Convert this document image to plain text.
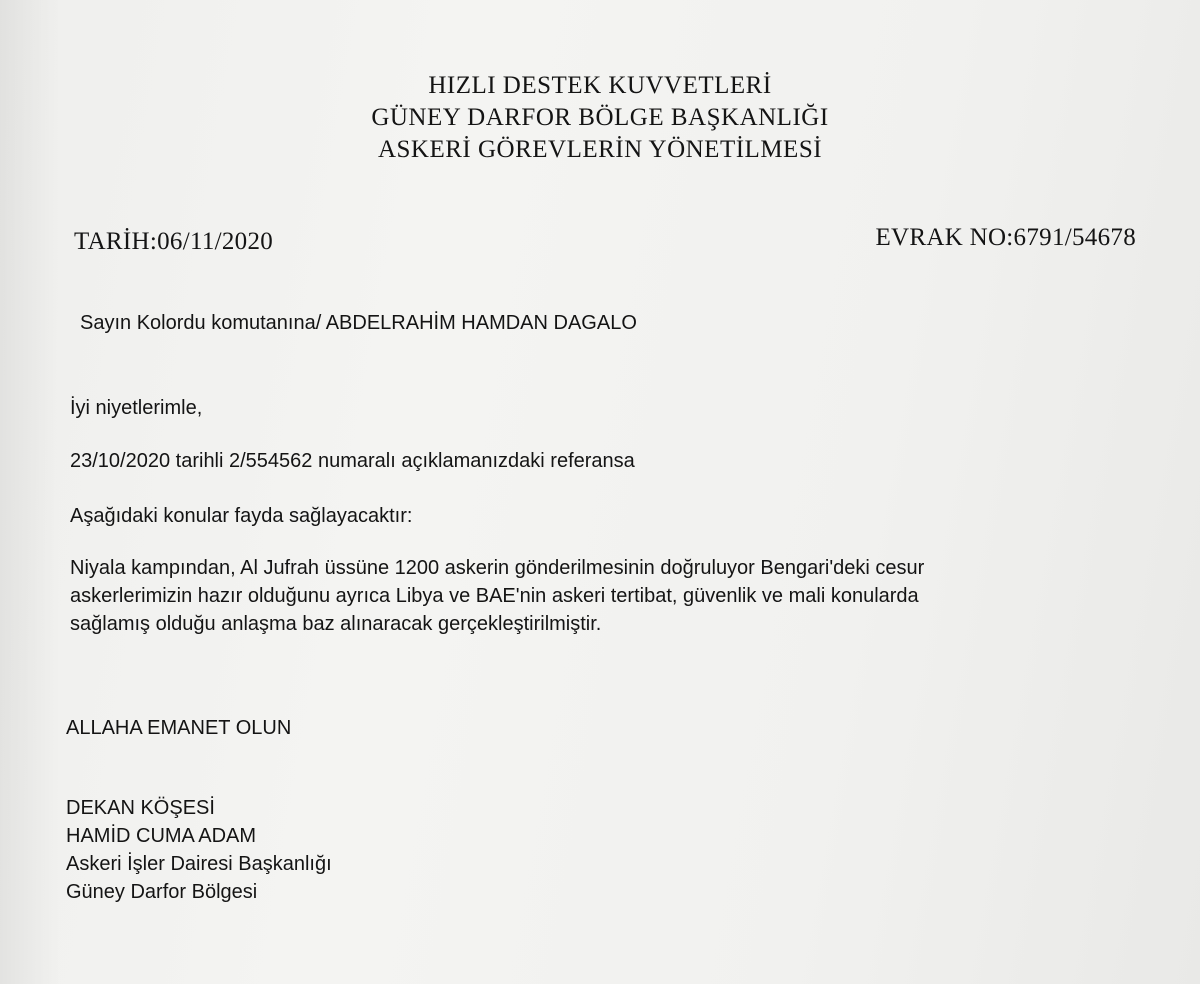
HIZLI DESTEK KUVVETLERİ
GÜNEY DARFOR BÖLGE BAŞKANLIĞI
ASKERİ GÖREVLERİN YÖNETİLMESİ

TARİH:06/11/2020	EVRAK NO:6791/54678

Sayın Kolordu komutanına/ ABDELRAHİM HAMDAN DAGALO

İyi niyetlerimle,

23/10/2020 tarihli 2/554562 numaralı açıklamanızdaki referansa

Aşağıdaki konular fayda sağlayacaktır:

Niyala kampından, Al Jufrah üssüne 1200 askerin gönderilmesinin doğruluyor Bengari'deki cesur

askerlerimizin hazır olduğunu ayrıca Libya ve BAE'nin askeri tertibat, güvenlik ve mali konularda

sağlamış olduğu anlaşma baz alınaracak gerçekleştirilmiştir.

ALLAHA EMANET OLUN

DEKAN KÖŞESİ

HAMİD CUMA ADAM

Askeri İşler Dairesi Başkanlığı

Güney Darfor Bölgesi
